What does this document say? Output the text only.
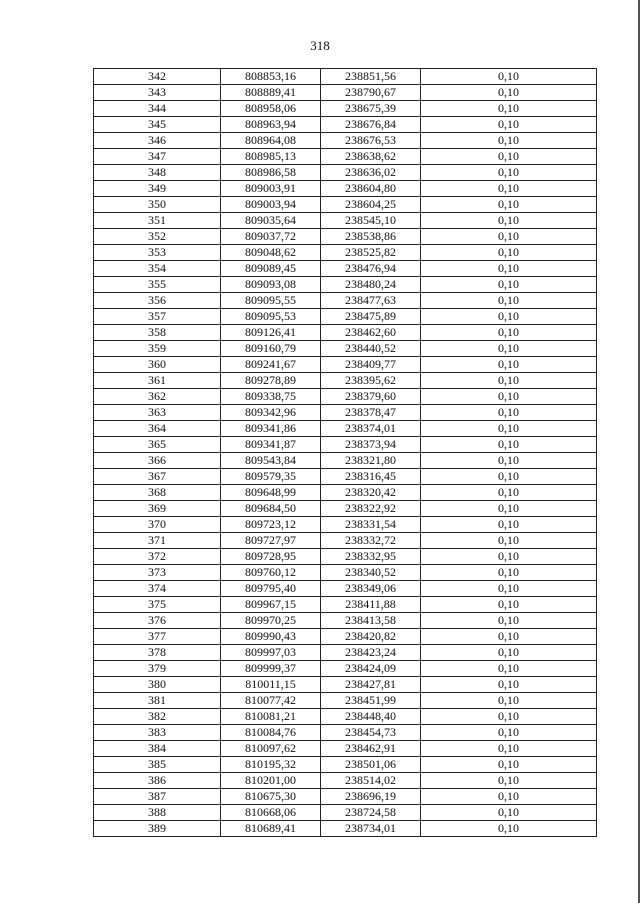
318
342	808853,16	238851,56	0,10
343	808889,41	238790,67	0,10
344	808958,06	238675,39	0,10
345	808963,94	238676,84	0,10
346	808964,08	238676,53	0,10
347	808985,13	238638,62	0,10
348	808986,58	238636,02	0,10
349	809003,91	238604,80	0,10
350	809003,94	238604,25	0,10
351	809035,64	238545,10	0,10
352	809037,72	238538,86	0,10
353	809048,62	238525,82	0,10
354	809089,45	238476,94	0,10
355	809093,08	238480,24	0,10
356	809095,55	238477,63	0,10
357	809095,53	238475,89	0,10
358	809126,41	238462,60	0,10
359	809160,79	238440,52	0,10
360	809241,67	238409,77	0,10
361	809278,89	238395,62	0,10
362	809338,75	238379,60	0,10
363	809342,96	238378,47	0,10
364	809341,86	238374,01	0,10
365	809341,87	238373,94	0,10
366	809543,84	238321,80	0,10
367	809579,35	238316,45	0,10
368	809648,99	238320,42	0,10
369	809684,50	238322,92	0,10
370	809723,12	238331,54	0,10
371	809727,97	238332,72	0,10
372	809728,95	238332,95	0,10
373	809760,12	238340,52	0,10
374	809795,40	238349,06	0,10
375	809967,15	238411,88	0,10
376	809970,25	238413,58	0,10
377	809990,43	238420,82	0,10
378	809997,03	238423,24	0,10
379	809999,37	238424,09	0,10
380	810011,15	238427,81	0,10
381	810077,42	238451,99	0,10
382	810081,21	238448,40	0,10
383	810084,76	238454,73	0,10
384	810097,62	238462,91	0,10
385	810195,32	238501,06	0,10
386	810201,00	238514,02	0,10
387	810675,30	238696,19	0,10
388	810668,06	238724,58	0,10
389	810689,41	238734,01	0,10
